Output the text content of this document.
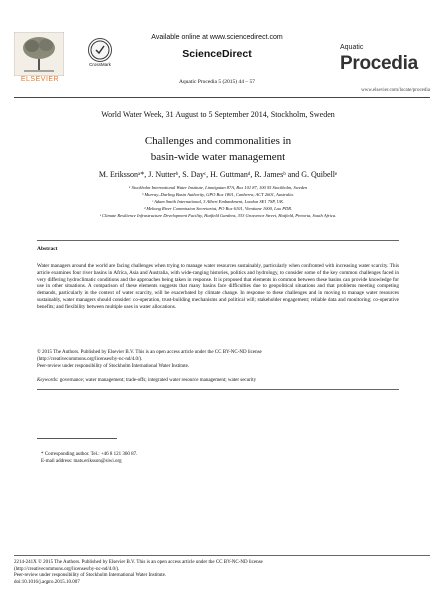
ELSEVIER
CrossMark
Available online at www.sciencedirect.com
ScienceDirect
Aquatic Procedia 5 (2015) 44 – 57
Aquatic
Procedia
www.elsevier.com/locate/procedia
World Water Week, 31 August to 5 September 2014, Stockholm, Sweden
Challenges and commonalities in
basin-wide water management
M. Erikssonᵃ*, J. Nutterᵇ, S. Dayᶜ, H. Guttmanᵈ, R. Jamesᵇ and G. Quibellᵉ
ᵃ Stockholm International Water Institute, Linnégatan 87A, Box 101 87, 100 55 Stockholm, Sweden
ᵇ Murray–Darling Basin Authority, GPO Box 1801, Canberra, ACT 2601, Australia.
ᶜ Adam Smith International, 3 Albert Embankment, London SE1 7SP, UK.
ᵈ Mekong River Commission Secretariat, PO Box 6101, Vientiane 1000, Lao PDR.
ᵉ Climate Resilience Infrastructure Development Facility, Hatfield Gardens, 333 Grosvenor Street, Hatfield, Pretoria, South Africa.
Abstract

Water managers around the world are facing challenges when trying to manage water resources sustainably, particularly when confronted with increasing water scarcity. This article examines four river basins in Africa, Asia and Australia, with wide-ranging histories, politics and hydrology, to consider some of the key common challenges faced in very differing hydroclimatic conditions and the approaches being taken in response. It is proposed that elements in common between these basins can provide knowledge for use in other situations. A comparison of these elements suggests that many basins face difficulties due to geopolitical situations and that problems meeting competing demands, particularly in the context of water scarcity, will be exacerbated by climate change. In response to these challenges and in moving to manage water resources sustainably, water managers should consider: co-operation, trust-building mechanisms and political will; stakeholder engagement; reliable data and monitoring; co-operative benefits; and flexibility between multiple uses in water allocations.

© 2015 The Authors. Published by Elsevier B.V. This is an open access article under the CC BY-NC-ND license

(http://creativecommons.org/licenses/by-nc-nd/4.0/).

Peer-review under responsibility of Stockholm International Water Institute.

Keywords: governance; water management; trade-offs; integrated water resource management; water security

* Corresponding author. Tel.: +46 8 121 360 87.
E-mail address: mats.eriksson@siwi.org
2214-241X © 2015 The Authors. Published by Elsevier B.V. This is an open access article under the CC BY-NC-ND license
(http://creativecommons.org/licenses/by-nc-nd/4.0/).
Peer-review under responsibility of Stockholm International Water Institute.
doi:10.1016/j.aqpro.2015.10.007
